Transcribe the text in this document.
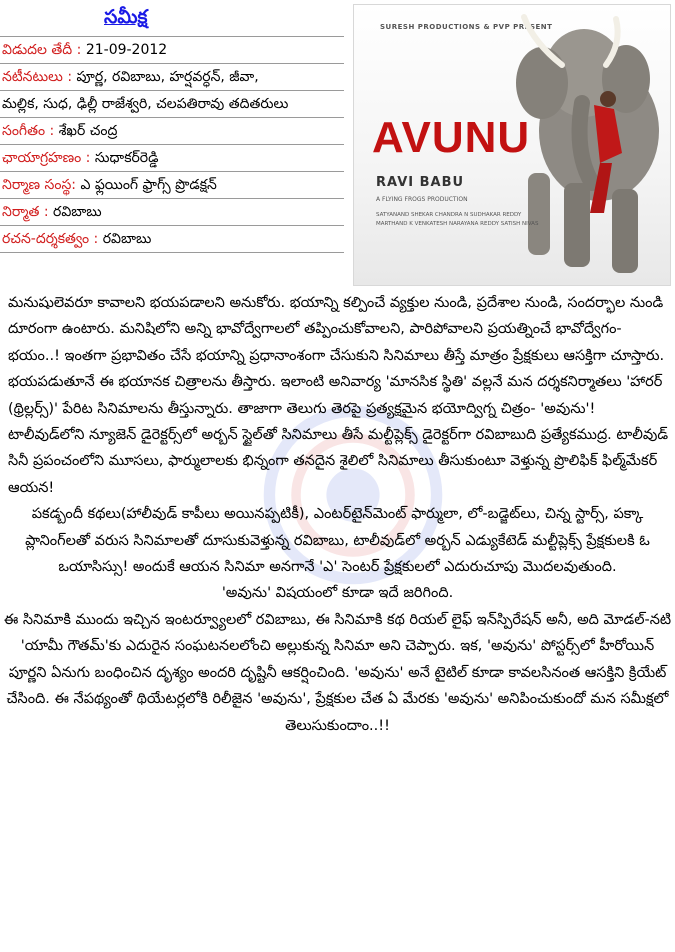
సమీక్ష
విడుదల తేదీ : 21-09-2012
నటీనటులు : పూర్ణ, రవిబాబు, హర్షవర్ధన్, జీవా,
మల్లిక, సుధ, ఢిల్లీ రాజేశ్వరి, చలపతిరావు తదితరులు
సంగీతం : శేఖర్ చంద్ర
ఛాయాగ్రహణం : సుధాకర్‌రెడ్డి
నిర్మాణ సంస్థ: ఎ ఫ్లయింగ్ ఫ్రాగ్స్ ప్రొడక్షన్
నిర్మాత : రవిబాబు
రచన-దర్శకత్వం : రవిబాబు
SURESH PRODUCTIONS & PVP PRESENT
AVUNU
RAVI BABU
A FLYING FROGS PRODUCTION
SATYANAND SHEKAR CHANDRA N SUDHAKAR REDDY MARTHAND K VENKATESH NARAYANA REDDY SATISH NIVAS

మనుషులెవరూ కావాలని భయపడాలని అనుకోరు. భయాన్ని కల్పించే వ్యక్తుల నుండి, ప్రదేశాల నుండి, సందర్భాల నుండి దూరంగా ఉంటారు. మనిషిలోని అన్ని భావోద్వేగాలలో తప్పించుకోవాలని, పారిపోవాలని ప్రయత్నించే భావోద్వేగం- భయం..! ఇంతగా ప్రభావితం చేసే భయాన్ని ప్రధానాంశంగా చేసుకుని సినిమాలు తీస్తే మాత్రం ప్రేక్షకులు ఆసక్తిగా చూస్తారు. భయపడుతూనే ఈ భయానక చిత్రాలను తీస్తారు. ఇలాంటి అనివార్య 'మానసిక స్థితి' వల్లనే మన దర్శకనిర్మాతలు 'హారర్ (థ్రిల్లర్స్)' పేరిట సినిమాలను తీస్తున్నారు. తాజాగా తెలుగు తెరపై ప్రత్యక్షమైన భయోద్విగ్న చిత్రం- 'అవును'!

టాలీవుడ్‌లోని న్యూజెన్ డైరెక్టర్స్‌లో అర్బన్ స్టైల్‌తో సినిమాలు తీసే మల్టీప్లెక్స్ డైరెక్టర్‌గా రవిబాబుది ప్రత్యేకముద్ర. టాలీవుడ్ సినీ ప్రపంచంలోని మూసలు, ఫార్ములాలకు భిన్నంగా తనదైన శైలిలో సినిమాలు తీసుకుంటూ వెళ్తున్న ప్రొలిఫిక్ ఫిల్మ్‌మేకర్ ఆయన!

పకడ్బందీ కథలు(హాలీవుడ్ కాపీలు అయినప్పటికీ), ఎంటర్‌టైన్‌మెంట్ ఫార్ములా, లో-బడ్జెట్‌లు, చిన్న స్టార్స్, పక్కా ప్లానింగ్‌లతో వరుస సినిమాలతో దూసుకువెళ్తున్న రవిబాబు, టాలీవుడ్‌లో అర్బన్ ఎడ్యుకేటెడ్ మల్టీప్లెక్స్ ప్రేక్షకులకి ఓ ఒయాసిస్సు! అందుకే ఆయన సినిమా అనగానే 'ఎ' సెంటర్ ప్రేక్షకులలో ఎదురుచూపు మొదలవుతుంది.

'అవును' విషయంలో కూడా ఇదే జరిగింది.

ఈ సినిమాకి ముందు ఇచ్చిన ఇంటర్వ్యూలలో రవిబాబు, ఈ సినిమాకి కథ రియల్ లైఫ్ ఇన్‌స్పిరేషన్ అనీ, అది మోడల్-నటి 'యామీ గౌతమ్'కు ఎదురైన సంఘటనలలోంచి అల్లుకున్న సినిమా అని చెప్పారు. ఇక, 'అవును' పోస్టర్స్‌లో హీరోయిన్ పూర్ణని ఏనుగు బంధించిన దృశ్యం అందరి దృష్టినీ ఆకర్షించింది. 'అవును' అనే టైటిల్ కూడా కావలసినంత ఆసక్తిని క్రియేట్ చేసింది. ఈ నేపథ్యంతో థియేటర్లలోకి రిలీజైన 'అవును', ప్రేక్షకుల చేత ఏ మేరకు 'అవును' అనిపించుకుందో మన సమీక్షలో తెలుసుకుందాం..!!
